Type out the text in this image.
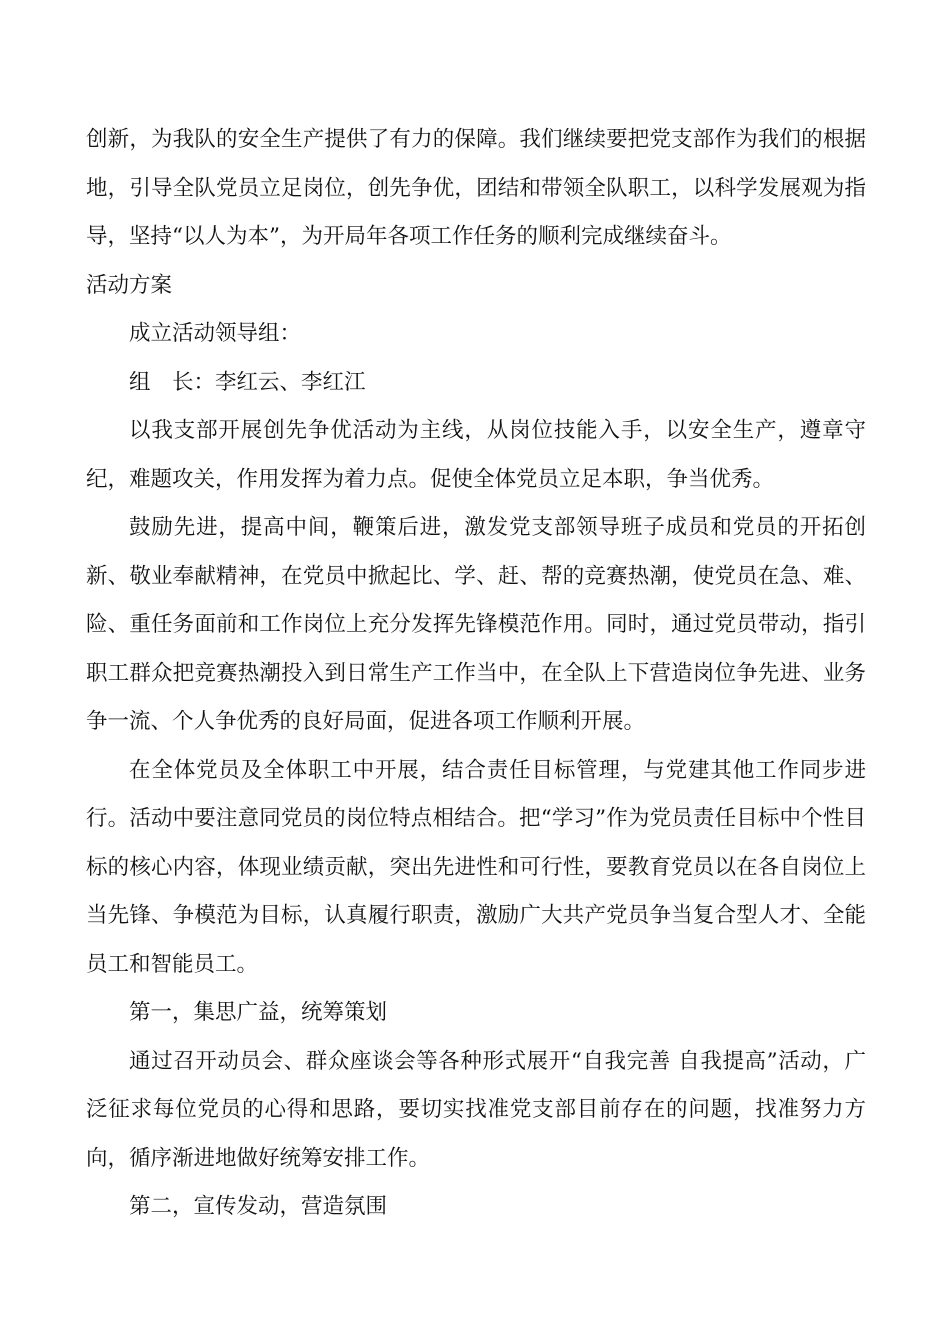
创新，为我队的安全生产提供了有力的保障。我们继续要把党支部作为我们的根据地，引导全队党员立足岗位，创先争优，团结和带领全队职工，以科学发展观为指导，坚持“以人为本”，为开局年各项工作任务的顺利完成继续奋斗。

活动方案

成立活动领导组：

组　长：李红云、李红江

以我支部开展创先争优活动为主线，从岗位技能入手，以安全生产，遵章守纪，难题攻关，作用发挥为着力点。促使全体党员立足本职，争当优秀。

鼓励先进，提高中间，鞭策后进，激发党支部领导班子成员和党员的开拓创新、敬业奉献精神，在党员中掀起比、学、赶、帮的竞赛热潮，使党员在急、难、险、重任务面前和工作岗位上充分发挥先锋模范作用。同时，通过党员带动，指引职工群众把竞赛热潮投入到日常生产工作当中，在全队上下营造岗位争先进、业务争一流、个人争优秀的良好局面，促进各项工作顺利开展。

在全体党员及全体职工中开展，结合责任目标管理，与党建其他工作同步进行。活动中要注意同党员的岗位特点相结合。把“学习”作为党员责任目标中个性目标的核心内容，体现业绩贡献，突出先进性和可行性，要教育党员以在各自岗位上当先锋、争模范为目标，认真履行职责，激励广大共产党员争当复合型人才、全能员工和智能员工。

第一，集思广益，统筹策划

通过召开动员会、群众座谈会等各种形式展开“自我完善 自我提高”活动，广泛征求每位党员的心得和思路，要切实找准党支部目前存在的问题，找准努力方向，循序渐进地做好统筹安排工作。

第二，宣传发动，营造氛围
